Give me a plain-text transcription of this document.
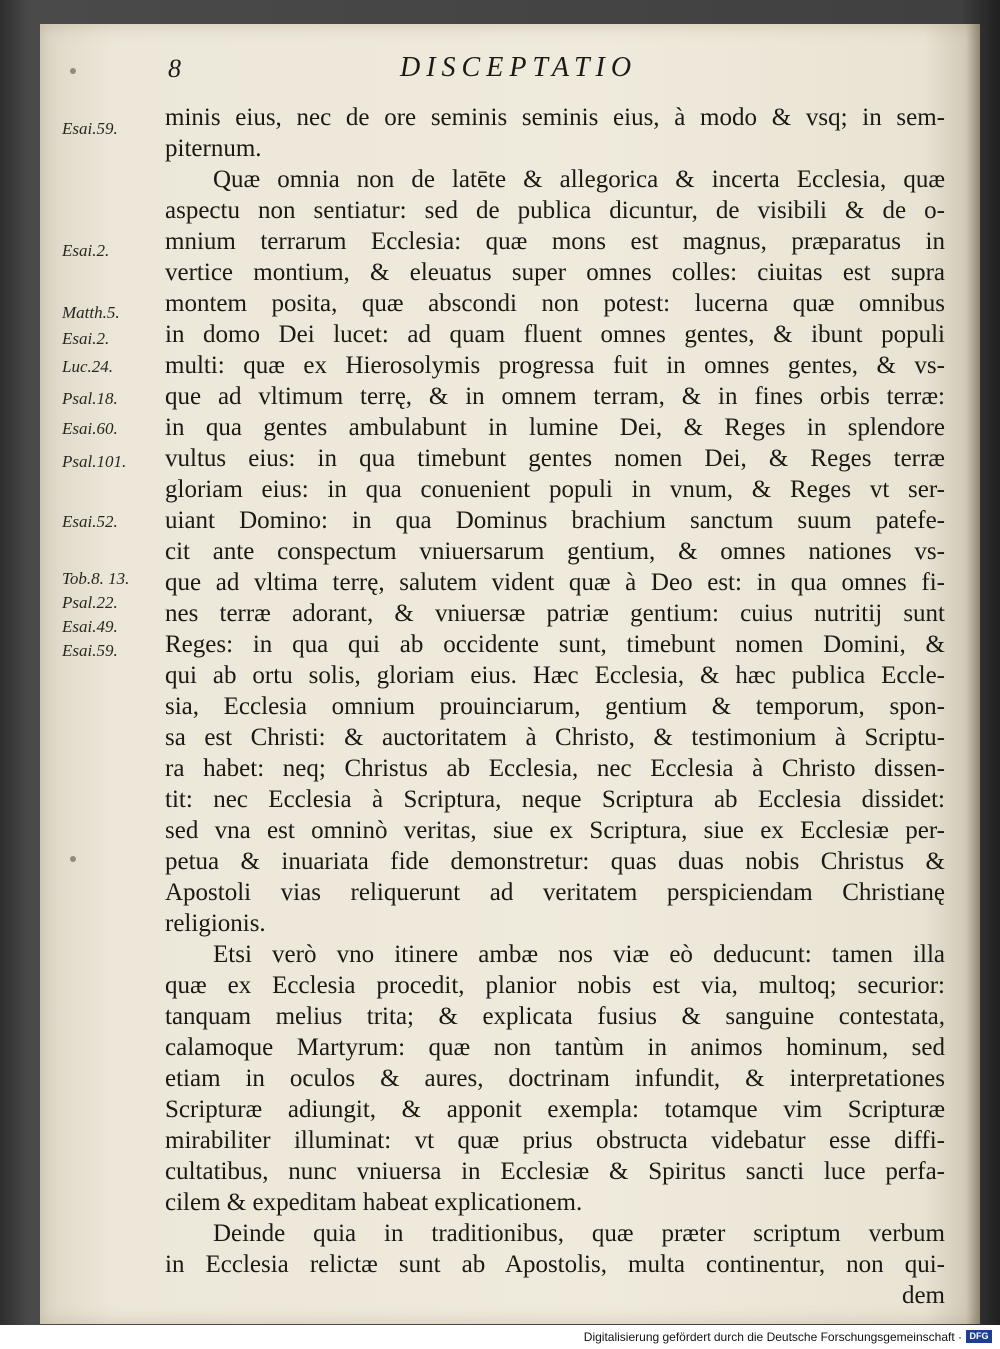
8	DISCEPTATIO
Esai.59.
Esai.2.
Matth.5.
Esai.2.
Luc.24.
Psal.18.
Esai.60.
Psal.101.
Esai.52.
Tob.8. 13.
Psal.22.
Esai.49.
Esai.59.
minis eius, nec de ore seminis seminis eius, à modo & vsq; in sem-
piternum.
Quæ omnia non de latēte & allegorica & incerta Ecclesia, quæ
aspectu non sentiatur: sed de publica dicuntur, de visibili & de o-
mnium terrarum Ecclesia: quæ mons est magnus, præparatus in
vertice montium, & eleuatus super omnes colles: ciuitas est supra
montem posita, quæ abscondi non potest: lucerna quæ omnibus
in domo Dei lucet: ad quam fluent omnes gentes, & ibunt populi
multi: quæ ex Hierosolymis progressa fuit in omnes gentes, & vs-
que ad vltimum terrę, & in omnem terram, & in fines orbis terræ:
in qua gentes ambulabunt in lumine Dei, & Reges in splendore
vultus eius: in qua timebunt gentes nomen Dei, & Reges terræ
gloriam eius: in qua conuenient populi in vnum, & Reges vt ser-
uiant Domino: in qua Dominus brachium sanctum suum patefe-
cit ante conspectum vniuersarum gentium, & omnes nationes vs-
que ad vltima terrę, salutem vident quæ à Deo est: in qua omnes fi-
nes terræ adorant, & vniuersæ patriæ gentium: cuius nutritij sunt
Reges: in qua qui ab occidente sunt, timebunt nomen Domini, &
qui ab ortu solis, gloriam eius. Hæc Ecclesia, & hæc publica Eccle-
sia, Ecclesia omnium prouinciarum, gentium & temporum, spon-
sa est Christi: & auctoritatem à Christo, & testimonium à Scriptu-
ra habet: neq; Christus ab Ecclesia, nec Ecclesia à Christo dissen-
tit: nec Ecclesia à Scriptura, neque Scriptura ab Ecclesia dissidet:
sed vna est omninò veritas, siue ex Scriptura, siue ex Ecclesiæ per-
petua & inuariata fide demonstretur: quas duas nobis Christus &
Apostoli vias reliquerunt ad veritatem perspiciendam Christianę
religionis.
Etsi verò vno itinere ambæ nos viæ eò deducunt: tamen illa
quæ ex Ecclesia procedit, planior nobis est via, multoq; securior:
tanquam melius trita; & explicata fusius & sanguine contestata,
calamoque Martyrum: quæ non tantùm in animos hominum, sed
etiam in oculos & aures, doctrinam infundit, & interpretationes
Scripturæ adiungit, & apponit exempla: totamque vim Scripturæ
mirabiliter illuminat: vt quæ prius obstructa videbatur esse diffi-
cultatibus, nunc vniuersa in Ecclesiæ & Spiritus sancti luce perfa-
cilem & expeditam habeat explicationem.
Deinde quia in traditionibus, quæ præter scriptum verbum
in Ecclesia relictæ sunt ab Apostolis, multa continentur, non qui-
dem
Digitalisierung gefördert durch die Deutsche Forschungsgemeinschaft · DFG
